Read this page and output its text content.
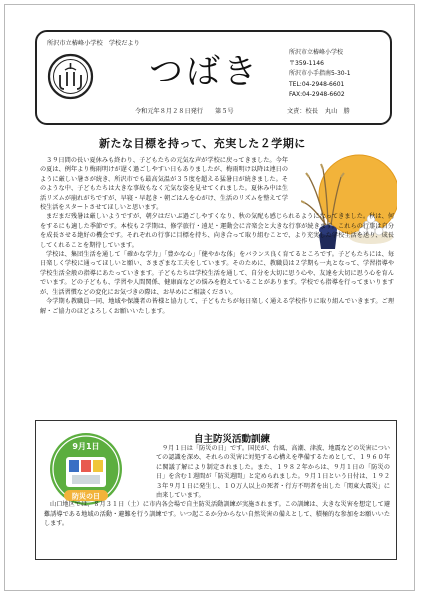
所沢市立椿峰小学校　学校だより
つばき
令和元年８月２８日発行 第５号
所沢市立椿峰小学校
〒359-1146
所沢市小手指南5-30-1
TEL:04-2948-6601
FAX:04-2948-6602
文責：校長 丸山　勝
新たな目標を持って、充実した２学期に

３９日間の長い夏休みも終わり、子どもたちの元気な声が学校に戻ってきました。今年の夏は、例年より梅雨明けが遅く過ごしやすい日もありましたが、梅雨明け以降は連日のように厳しい暑さが続き、所沢市でも最高気温が３５度を超える猛暑日が続きました。そのような中、子どもたちは大きな事故もなく元気な姿を見せてくれました。夏休み中は生活リズムが崩れがちですが、早寝・早起き・朝ごはんを心がけ、生活のリズムを整えて学校生活をスタートさせてほしいと思います。

まだまだ残暑は厳しいようですが、朝夕はだいぶ過ごしやすくなり、秋の気配も感じられるようになってきました。秋は、何をするにも適した季節です。本校も２学期は、修学旅行・遠足・運動会に音楽会と大きな行事が続きます。これらの行事は自分を成長させる絶好の機会です。それぞれの行事に目標を持ち、向き合って取り組むことで、より充実した学校生活を送り、成長してくれることを期待しています。

学校は、集団生活を通して「確かな学力」「豊かな心」「健やかな体」をバランス良く育てるところです。子どもたちには、毎日楽しく学校に通ってほしいと願い、さまざまな工夫をしています。そのために、教職員は２学期も一丸となって、学習指導や学校生活全般の指導にあたっていきます。子どもたちは学校生活を通して、自分を大切に思う心や、友達を大切に思う心を育んでいます。どの子どもも、学習や人間関係、健康面などの悩みを抱えていることがあります。学校でも指導を行ってまいりますが、生活習慣などの変化にお気づきの際は、お早めにご相談ください。

今学期も教職員一同、地域や保護者の皆様と協力して、子どもたちが毎日楽しく通える学校作りに取り組んでいきます。ご理解・ご協力のほどよろしくお願いいたします。

9月1日
防災の日
自主防災活動訓練

９月１日は「防災の日」です。国民が、台風、高潮、津波、地震などの災害についての認識を深め、それらの災害に対処する心構えを準備するためとして、１９６０年に閣議了解により制定されました。また、１９８２年からは、９月１日の「防災の日」を含む１週間が「防災週間」と定められました。９月１日という日付は、１９２３年９月１日に発生し、１０万人以上の死者・行方不明者を出した「関東大震災」に由来しています。

山口地区では、８月３１日（土）に市内各会場で自主防災活動訓練が実施されます。この訓練は、大きな災害を想定して避難誘導である地域の活動・避難を行う訓練です。いつ起こるか分からない自然災害の備えとして、積極的な参加をお願いいたします。
